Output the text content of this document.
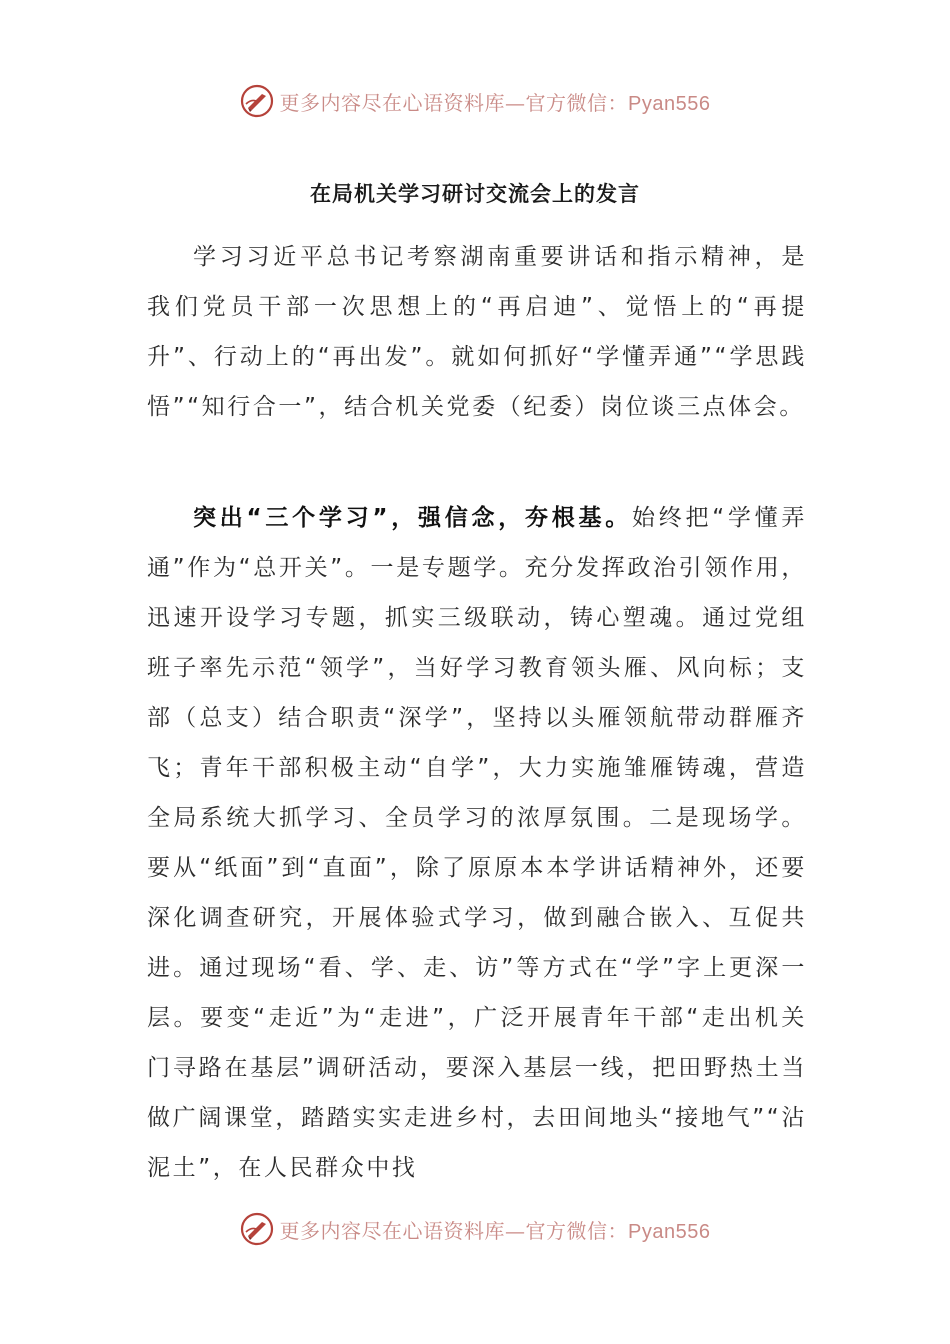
更多内容尽在心语资料库—官方微信：Pyan556
在局机关学习研讨交流会上的发言

学习习近平总书记考察湖南重要讲话和指示精神，是我们党员干部一次思想上的“再启迪”、觉悟上的“再提升”、行动上的“再出发”。就如何抓好“学懂弄通”“学思践悟”“知行合一”，结合机关党委（纪委）岗位谈三点体会。

突出“三个学习”，强信念，夯根基。始终把“学懂弄通”作为“总开关”。一是专题学。充分发挥政治引领作用，迅速开设学习专题，抓实三级联动，铸心塑魂。通过党组班子率先示范“领学”，当好学习教育领头雁、风向标；支部（总支）结合职责“深学”，坚持以头雁领航带动群雁齐飞；青年干部积极主动“自学”，大力实施雏雁铸魂，营造全局系统大抓学习、全员学习的浓厚氛围。二是现场学。要从“纸面”到“直面”，除了原原本本学讲话精神外，还要深化调查研究，开展体验式学习，做到融合嵌入、互促共进。通过现场“看、学、走、访”等方式在“学”字上更深一层。要变“走近”为“走进”，广泛开展青年干部“走出机关门寻路在基层”调研活动，要深入基层一线，把田野热土当做广阔课堂，踏踏实实走进乡村，去田间地头“接地气”“沾泥土”，在人民群众中找

更多内容尽在心语资料库—官方微信：Pyan556
